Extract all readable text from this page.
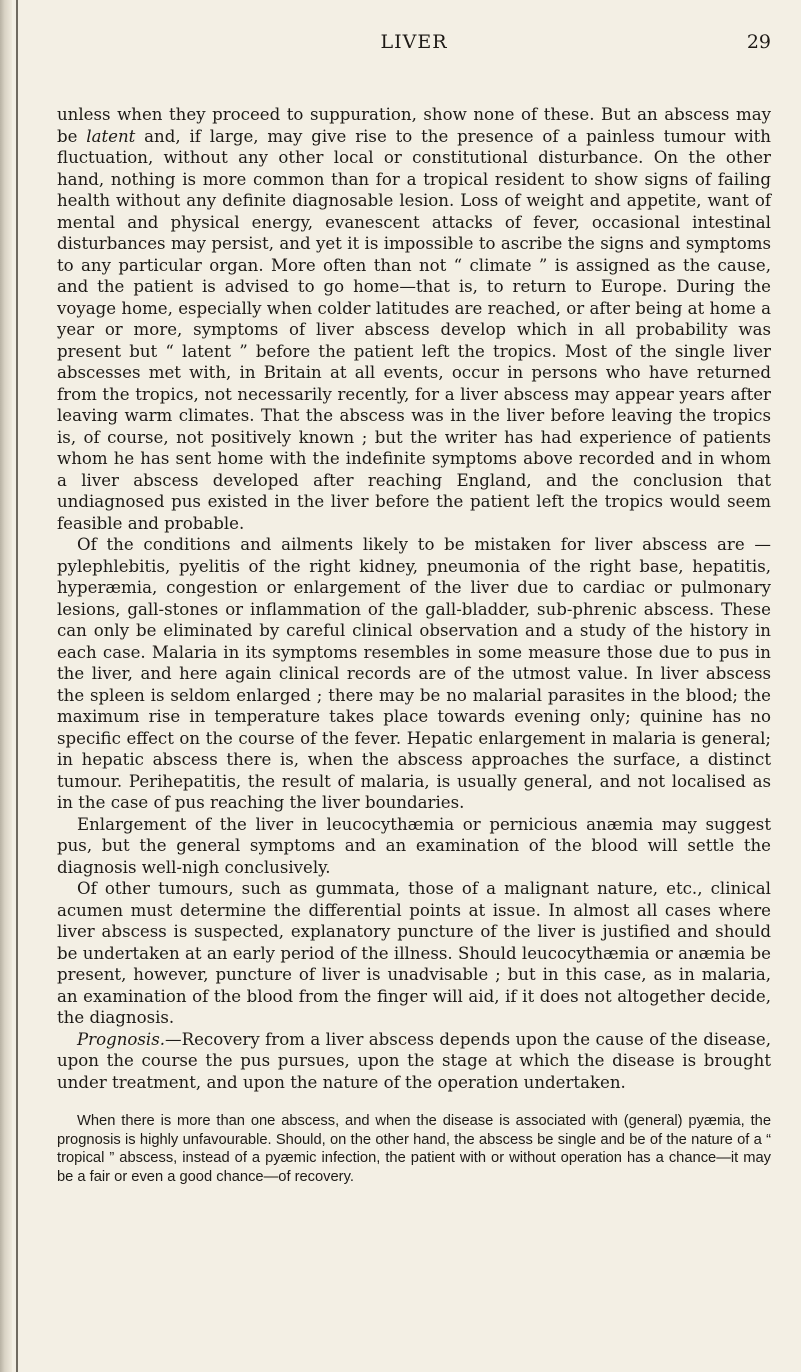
LIVER	29

unless when they proceed to suppuration, show none of these. But an abscess may be latent and, if large, may give rise to the presence of a painless tumour with fluctuation, without any other local or constitutional disturbance. On the other hand, nothing is more common than for a tropical resident to show signs of failing health without any definite diagnosable lesion. Loss of weight and appetite, want of mental and physical energy, evanescent attacks of fever, occasional intestinal disturbances may persist, and yet it is impossible to ascribe the signs and symptoms to any particular organ. More often than not “ climate ” is assigned as the cause, and the patient is advised to go home—that is, to return to Europe. During the voyage home, especially when colder latitudes are reached, or after being at home a year or more, symptoms of liver abscess develop which in all probability was present but “ latent ” before the patient left the tropics. Most of the single liver abscesses met with, in Britain at all events, occur in persons who have returned from the tropics, not necessarily recently, for a liver abscess may appear years after leaving warm climates. That the abscess was in the liver before leaving the tropics is, of course, not positively known ; but the writer has had experience of patients whom he has sent home with the indefinite symptoms above recorded and in whom a liver abscess developed after reaching England, and the conclusion that undiagnosed pus existed in the liver before the patient left the tropics would seem feasible and probable.

Of the conditions and ailments likely to be mistaken for liver abscess are —pylephlebitis, pyelitis of the right kidney, pneumonia of the right base, hepatitis, hyperæmia, congestion or enlargement of the liver due to cardiac or pulmonary lesions, gall-stones or inflammation of the gall-bladder, sub-phrenic abscess. These can only be eliminated by careful clinical observation and a study of the history in each case. Malaria in its symptoms resembles in some measure those due to pus in the liver, and here again clinical records are of the utmost value. In liver abscess the spleen is seldom enlarged ; there may be no malarial parasites in the blood; the maximum rise in temperature takes place towards evening only; quinine has no specific effect on the course of the fever. Hepatic enlargement in malaria is general; in hepatic abscess there is, when the abscess approaches the surface, a distinct tumour. Perihepatitis, the result of malaria, is usually general, and not localised as in the case of pus reaching the liver boundaries.

Enlargement of the liver in leucocythæmia or pernicious anæmia may suggest pus, but the general symptoms and an examination of the blood will settle the diagnosis well-nigh conclusively.

Of other tumours, such as gummata, those of a malignant nature, etc., clinical acumen must determine the differential points at issue. In almost all cases where liver abscess is suspected, explanatory puncture of the liver is justified and should be undertaken at an early period of the illness. Should leucocythæmia or anæmia be present, however, puncture of liver is unadvisable ; but in this case, as in malaria, an examination of the blood from the finger will aid, if it does not altogether decide, the diagnosis.

Prognosis.—Recovery from a liver abscess depends upon the cause of the disease, upon the course the pus pursues, upon the stage at which the disease is brought under treatment, and upon the nature of the operation undertaken.

When there is more than one abscess, and when the disease is associated with (general) pyæmia, the prognosis is highly unfavourable. Should, on the other hand, the abscess be single and be of the nature of a “ tropical ” abscess, instead of a pyæmic infection, the patient with or without operation has a chance—it may be a fair or even a good chance—of recovery.
